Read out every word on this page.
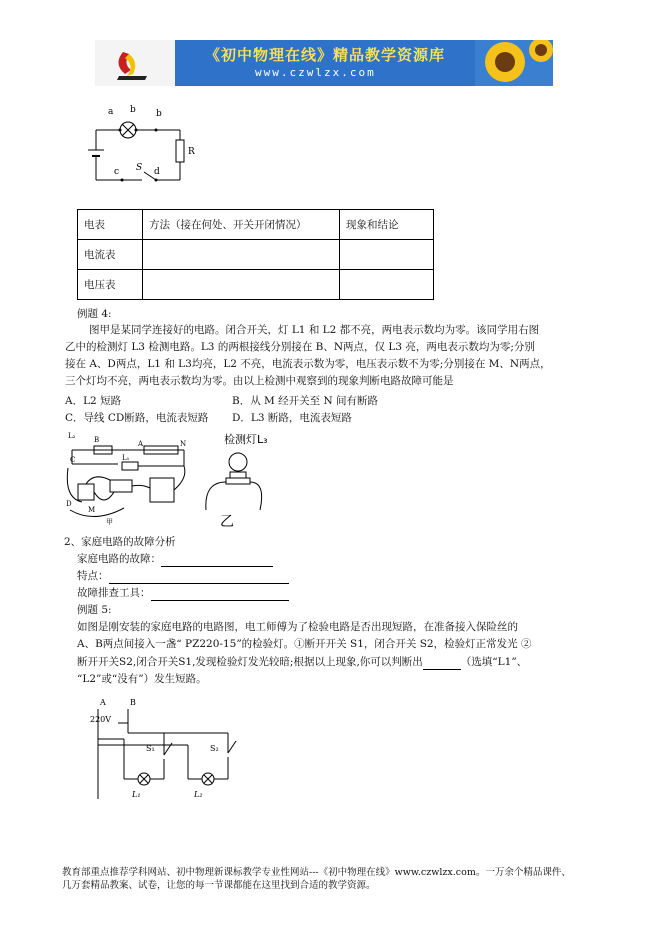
《初中物理在线》精品教学资源库
www.czwlzx.com
a b b
R
c S d
电表	方法（接在何处、开关开闭情况）	现象和结论
电流表		
电压表		
例题 4:
图甲是某同学连接好的电路。闭合开关，灯 L1 和 L2 都不亮，两电表示数均为零。该同学用右图
乙中的检测灯 L3 检测电路。L3 的两根接线分别接在 B、N两点，仅 L3 亮，两电表示数均为零;分别
接在 A、D两点，L1 和 L3均亮，L2 不亮，电流表示数为零，电压表示数不为零;分别接在 M、N两点，
三个灯均不亮，两电表示数均为零。由以上检测中观察到的现象判断电路故障可能是
A．L2 短路	B．从 M 经开关至 N 间有断路
C．导线 CD断路，电流表短路 D．L3 断路，电流表短路
L₂	B	A	N
C
D
L₁
M
甲
检测灯L₃
乙
2、家庭电路的故障分析
家庭电路的故障：
特点：
故障排查工具：
例题 5:
如图是刚安装的家庭电路的电路图，电工师傅为了检验电路是否出现短路，在准备接入保险丝的
A、B两点间接入一盏“ PZ220-15”的检验灯。①断开开关 S1，闭合开关 S2，检验灯正常发光 ②
断开开关S2,闭合开关S1,发现检验灯发光较暗;根据以上现象,你可以判断出	（选填“L1”、
“L2”或“没有”）发生短路。
A	B
220V
S₁	S₂
L₁	L₂
教育部重点推荐学科网站、初中物理新课标教学专业性网站---《初中物理在线》www.czwlzx.com。一万余个精品课件、
几万套精品教案、试卷，让您的每一节课都能在这里找到合适的教学资源。
